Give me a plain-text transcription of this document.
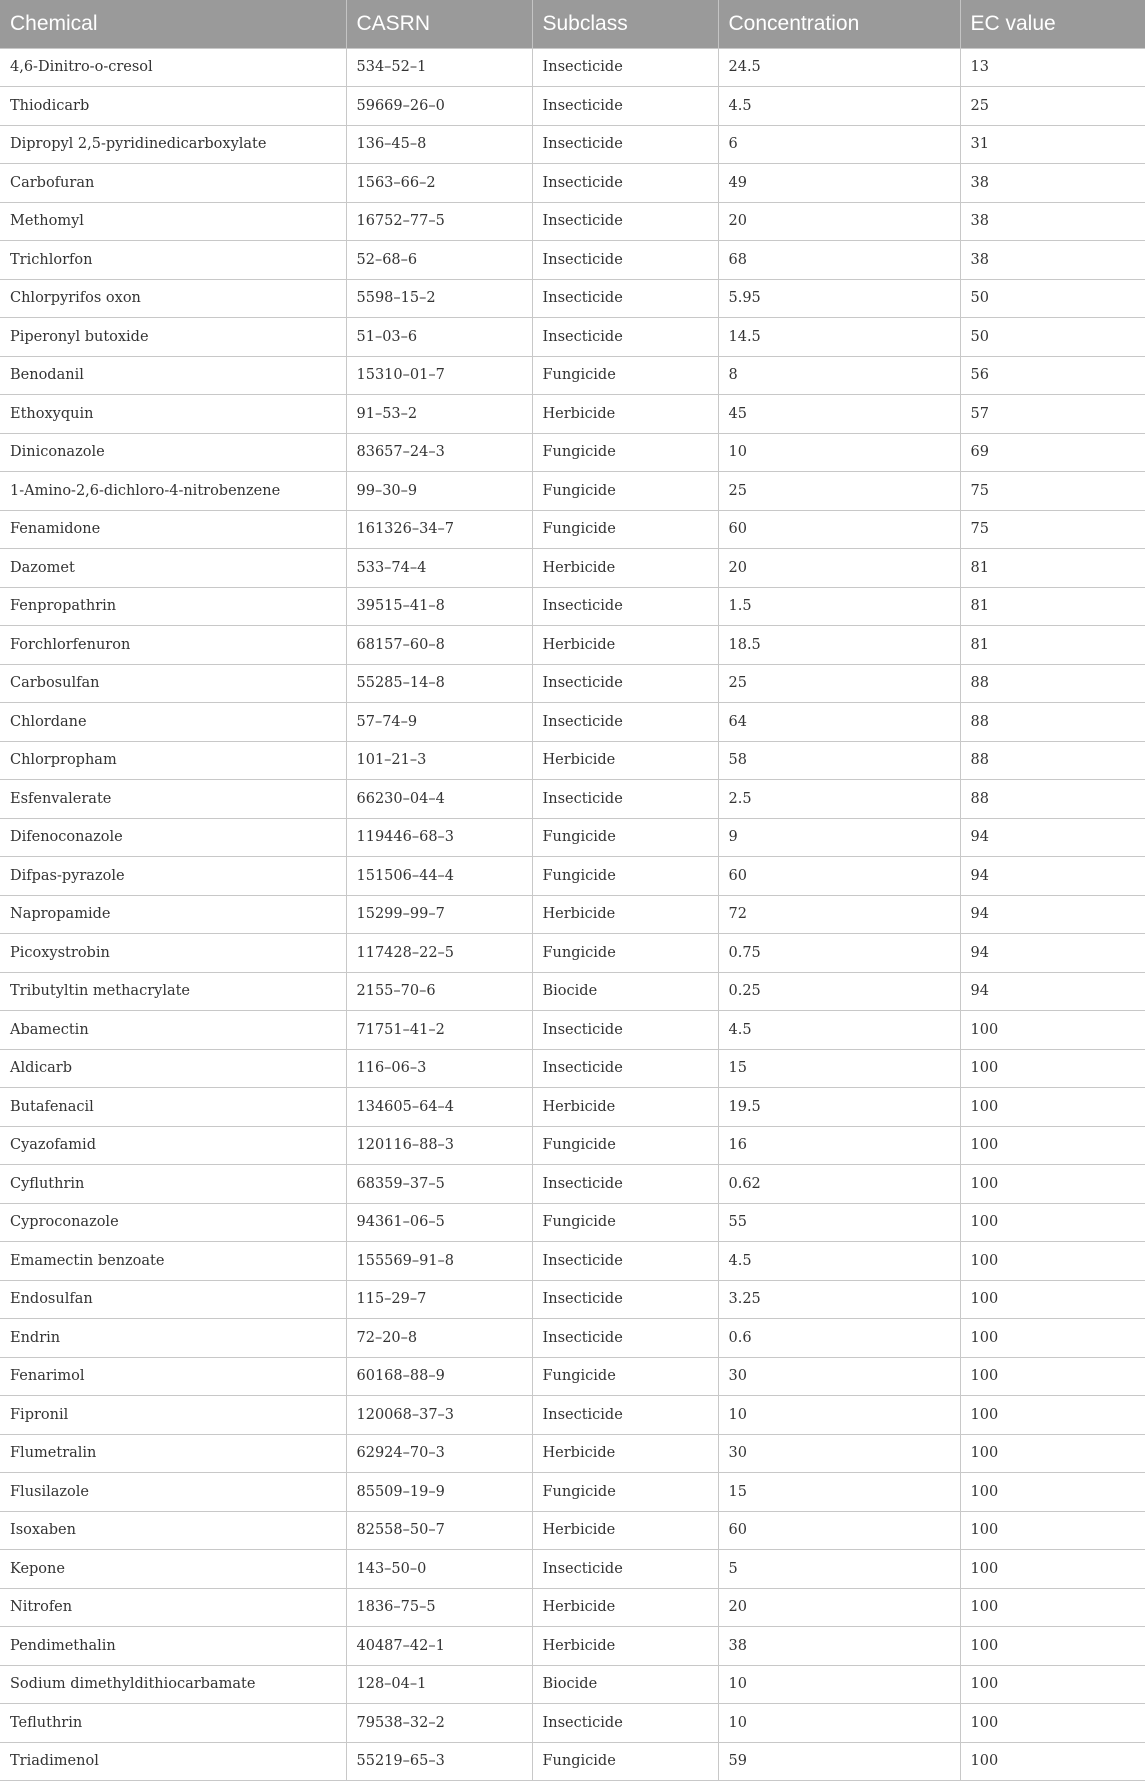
Chemical	CASRN	Subclass	Concentration	EC value
4,6-Dinitro-o-cresol	534–52–1	Insecticide	24.5	13
Thiodicarb	59669–26–0	Insecticide	4.5	25
Dipropyl 2,5-pyridinedicarboxylate	136–45–8	Insecticide	6	31
Carbofuran	1563–66–2	Insecticide	49	38
Methomyl	16752–77–5	Insecticide	20	38
Trichlorfon	52–68–6	Insecticide	68	38
Chlorpyrifos oxon	5598–15–2	Insecticide	5.95	50
Piperonyl butoxide	51–03–6	Insecticide	14.5	50
Benodanil	15310–01–7	Fungicide	8	56
Ethoxyquin	91–53–2	Herbicide	45	57
Diniconazole	83657–24–3	Fungicide	10	69
1-Amino-2,6-dichloro-4-nitrobenzene	99–30–9	Fungicide	25	75
Fenamidone	161326–34–7	Fungicide	60	75
Dazomet	533–74–4	Herbicide	20	81
Fenpropathrin	39515–41–8	Insecticide	1.5	81
Forchlorfenuron	68157–60–8	Herbicide	18.5	81
Carbosulfan	55285–14–8	Insecticide	25	88
Chlordane	57–74–9	Insecticide	64	88
Chlorpropham	101–21–3	Herbicide	58	88
Esfenvalerate	66230–04–4	Insecticide	2.5	88
Difenoconazole	119446–68–3	Fungicide	9	94
Difpas-pyrazole	151506–44–4	Fungicide	60	94
Napropamide	15299–99–7	Herbicide	72	94
Picoxystrobin	117428–22–5	Fungicide	0.75	94
Tributyltin methacrylate	2155–70–6	Biocide	0.25	94
Abamectin	71751–41–2	Insecticide	4.5	100
Aldicarb	116–06–3	Insecticide	15	100
Butafenacil	134605–64–4	Herbicide	19.5	100
Cyazofamid	120116–88–3	Fungicide	16	100
Cyfluthrin	68359–37–5	Insecticide	0.62	100
Cyproconazole	94361–06–5	Fungicide	55	100
Emamectin benzoate	155569–91–8	Insecticide	4.5	100
Endosulfan	115–29–7	Insecticide	3.25	100
Endrin	72–20–8	Insecticide	0.6	100
Fenarimol	60168–88–9	Fungicide	30	100
Fipronil	120068–37–3	Insecticide	10	100
Flumetralin	62924–70–3	Herbicide	30	100
Flusilazole	85509–19–9	Fungicide	15	100
Isoxaben	82558–50–7	Herbicide	60	100
Kepone	143–50–0	Insecticide	5	100
Nitrofen	1836–75–5	Herbicide	20	100
Pendimethalin	40487–42–1	Herbicide	38	100
Sodium dimethyldithiocarbamate	128–04–1	Biocide	10	100
Tefluthrin	79538–32–2	Insecticide	10	100
Triadimenol	55219–65–3	Fungicide	59	100
